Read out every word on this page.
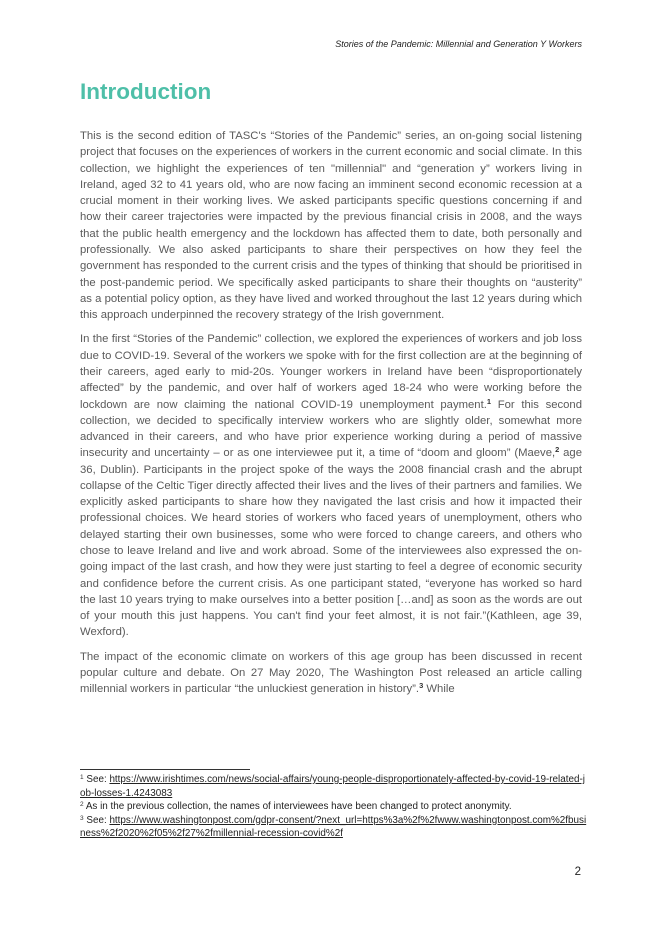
Stories of the Pandemic: Millennial and Generation Y Workers
Introduction

This is the second edition of TASC's “Stories of the Pandemic” series, an on-going social listening project that focuses on the experiences of workers in the current economic and social climate. In this collection, we highlight the experiences of ten "millennial" and “generation y” workers living in Ireland, aged 32 to 41 years old, who are now facing an imminent second economic recession at a crucial moment in their working lives. We asked participants specific questions concerning if and how their career trajectories were impacted by the previous financial crisis in 2008, and the ways that the public health emergency and the lockdown has affected them to date, both personally and professionally. We also asked participants to share their perspectives on how they feel the government has responded to the current crisis and the types of thinking that should be prioritised in the post-pandemic period. We specifically asked participants to share their thoughts on “austerity” as a potential policy option, as they have lived and worked throughout the last 12 years during which this approach underpinned the recovery strategy of the Irish government.

In the first “Stories of the Pandemic” collection, we explored the experiences of workers and job loss due to COVID-19. Several of the workers we spoke with for the first collection are at the beginning of their careers, aged early to mid-20s. Younger workers in Ireland have been “disproportionately affected” by the pandemic, and over half of workers aged 18-24 who were working before the lockdown are now claiming the national COVID-19 unemployment payment.$^1$ For this second collection, we decided to specifically interview workers who are slightly older, somewhat more advanced in their careers, and who have prior experience working during a period of massive insecurity and uncertainty – or as one interviewee put it, a time of “doom and gloom” (Maeve,$^2$ age 36, Dublin). Participants in the project spoke of the ways the 2008 financial crash and the abrupt collapse of the Celtic Tiger directly affected their lives and the lives of their partners and families. We explicitly asked participants to share how they navigated the last crisis and how it impacted their professional choices. We heard stories of workers who faced years of unemployment, others who delayed starting their own businesses, some who were forced to change careers, and others who chose to leave Ireland and live and work abroad. Some of the interviewees also expressed the on-going impact of the last crash, and how they were just starting to feel a degree of economic security and confidence before the current crisis. As one participant stated, “everyone has worked so hard the last 10 years trying to make ourselves into a better position […and] as soon as the words are out of your mouth this just happens. You can't find your feet almost, it is not fair.”(Kathleen, age 39, Wexford).

The impact of the economic climate on workers of this age group has been discussed in recent popular culture and debate. On 27 May 2020, The Washington Post released an article calling millennial workers in particular “the unluckiest generation in history”.$^3$ While

$^1$ See: https://www.irishtimes.com/news/social-affairs/young-people-disproportionately-affected-by-covid-19-related-job-losses-1.4243083

$^2$ As in the previous collection, the names of interviewees have been changed to protect anonymity.

$^3$ See: https://www.washingtonpost.com/gdpr-consent/?next_url=https%3a%2f%2fwww.washingtonpost.com%2fbusiness%2f2020%2f05%2f27%2fmillennial-recession-covid%2f

2
